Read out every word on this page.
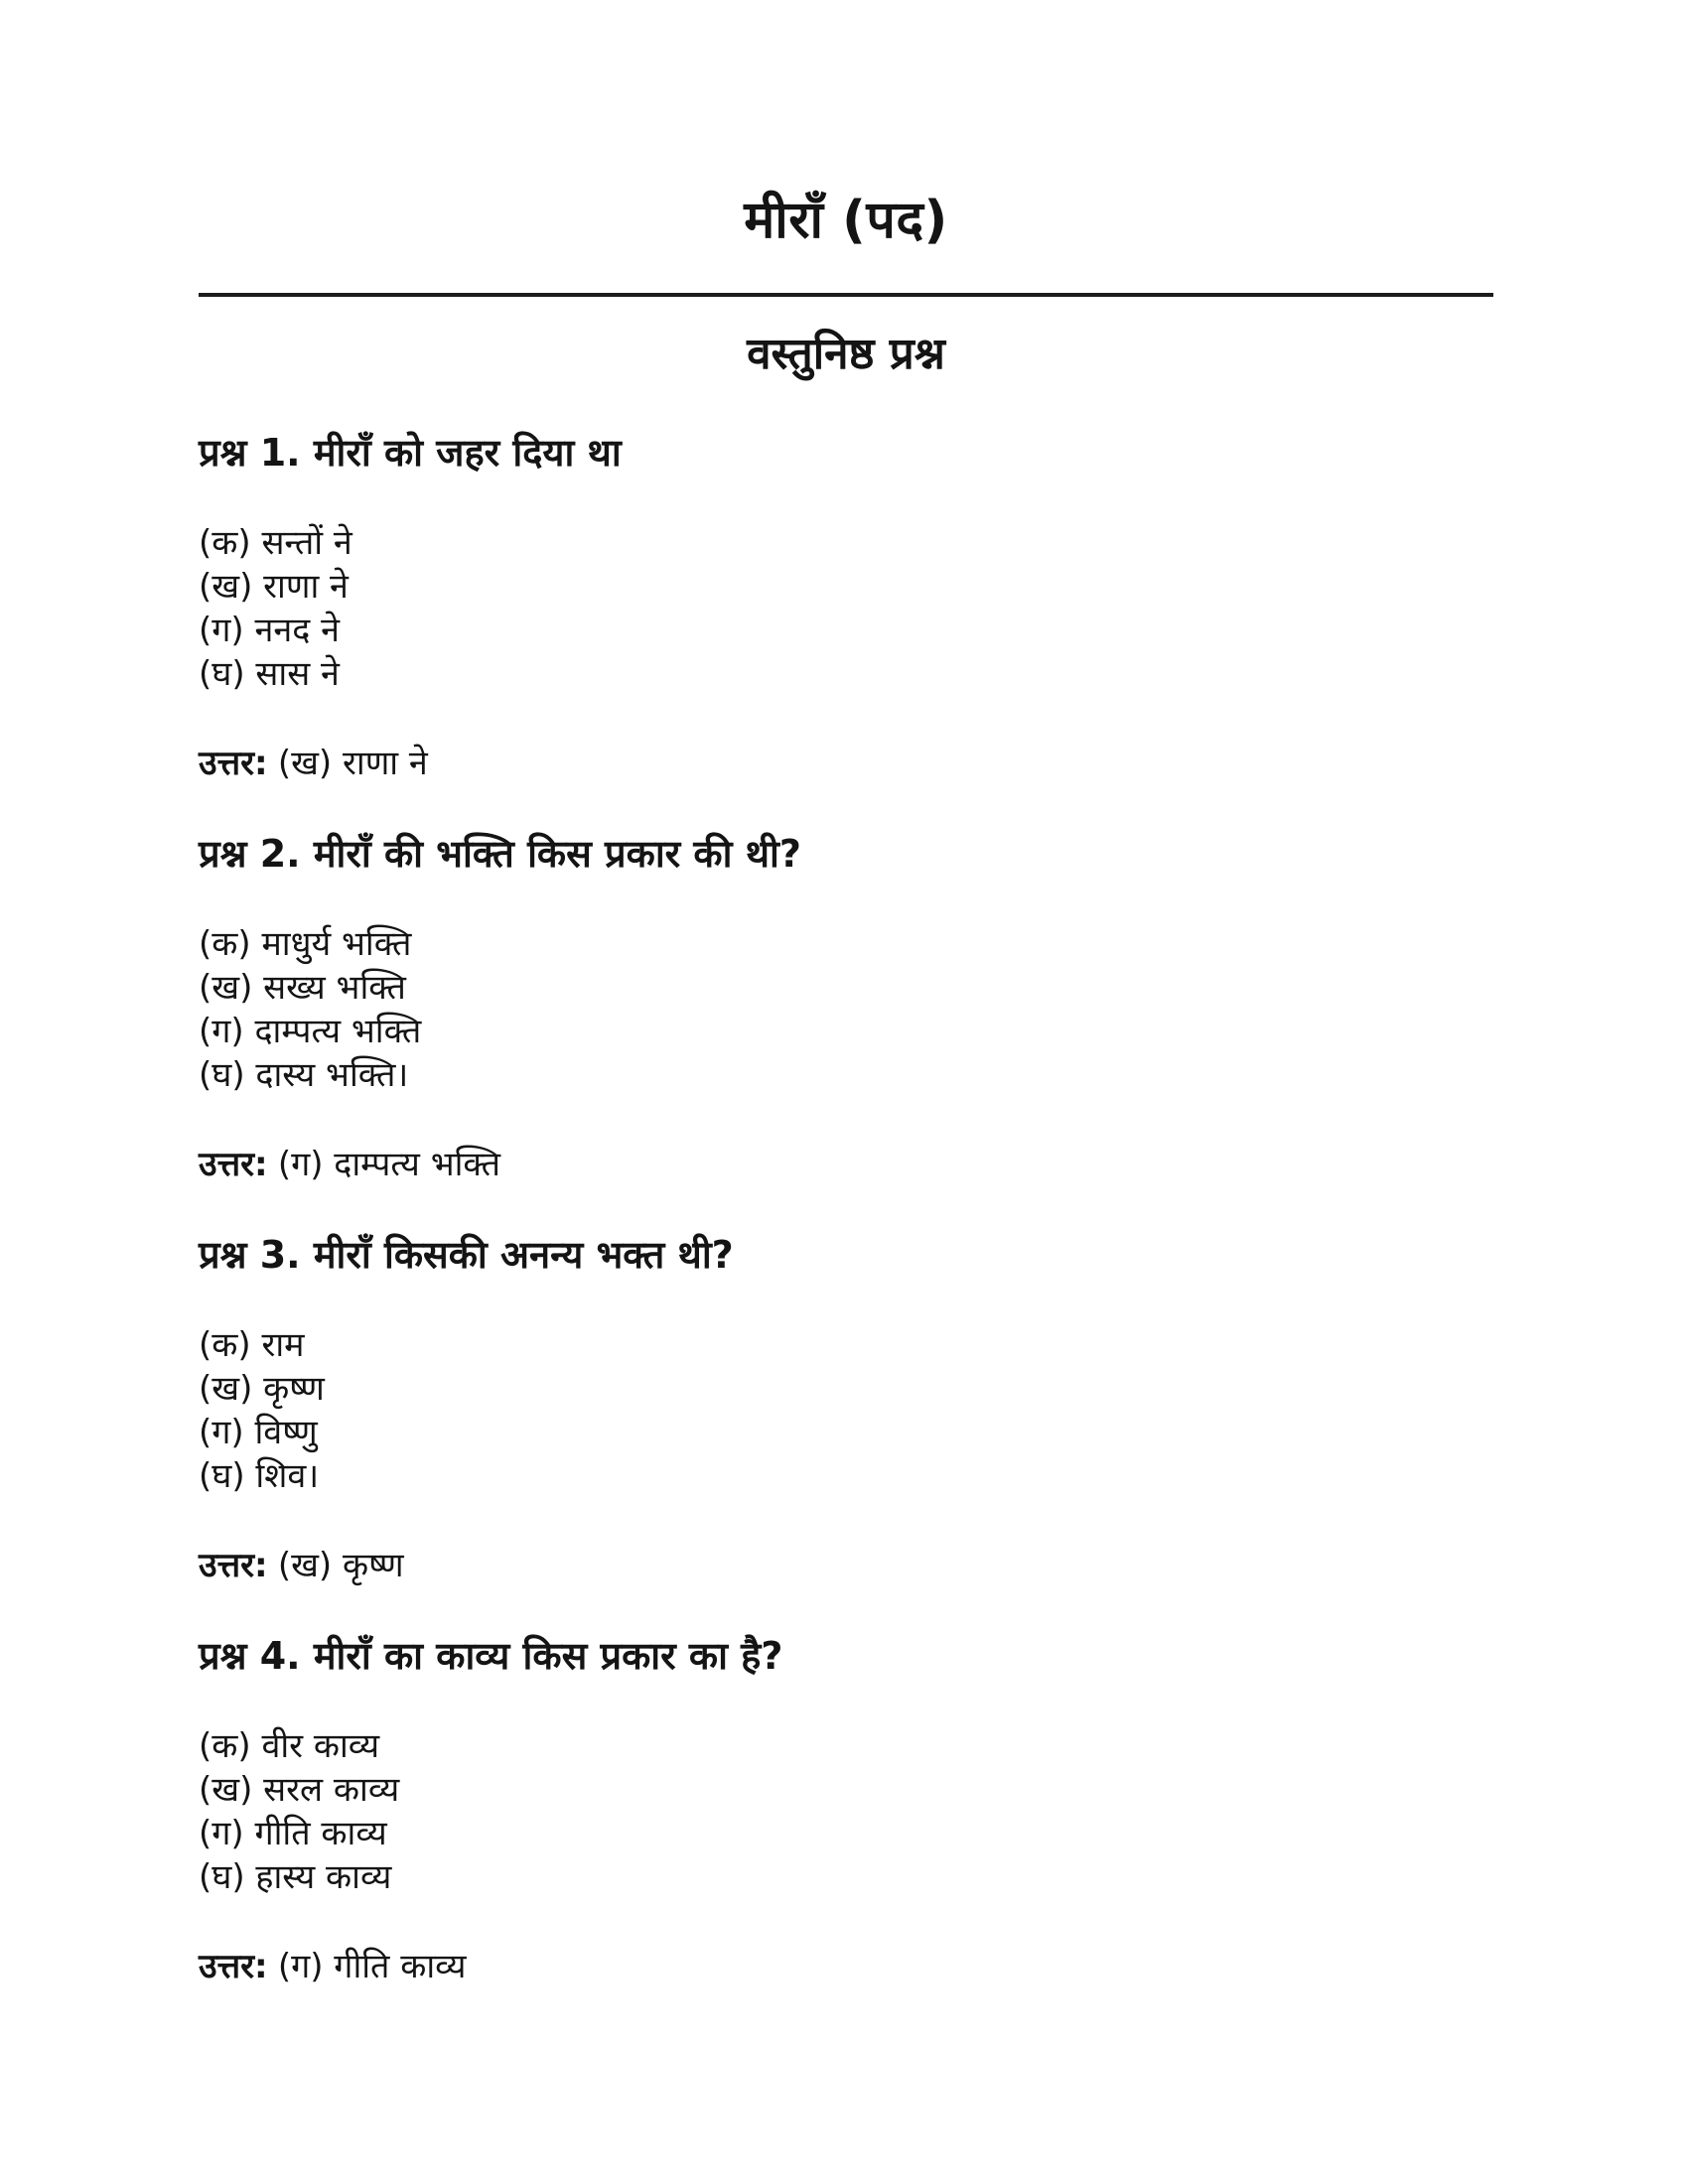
मीराँ (पद)
वस्तुनिष्ठ प्रश्न
प्रश्न 1. मीराँ को जहर दिया था
(क) सन्तों ने
(ख) राणा ने
(ग) ननद ने
(घ) सास ने
उत्तर: (ख) राणा ने
प्रश्न 2. मीराँ की भक्ति किस प्रकार की थी?
(क) माधुर्य भक्ति
(ख) सख्य भक्ति
(ग) दाम्पत्य भक्ति
(घ) दास्य भक्ति।
उत्तर: (ग) दाम्पत्य भक्ति
प्रश्न 3. मीराँ किसकी अनन्य भक्त थी?
(क) राम
(ख) कृष्ण
(ग) विष्णु
(घ) शिव।
उत्तर: (ख) कृष्ण
प्रश्न 4. मीराँ का काव्य किस प्रकार का है?
(क) वीर काव्य
(ख) सरल काव्य
(ग) गीति काव्य
(घ) हास्य काव्य
उत्तर: (ग) गीति काव्य
